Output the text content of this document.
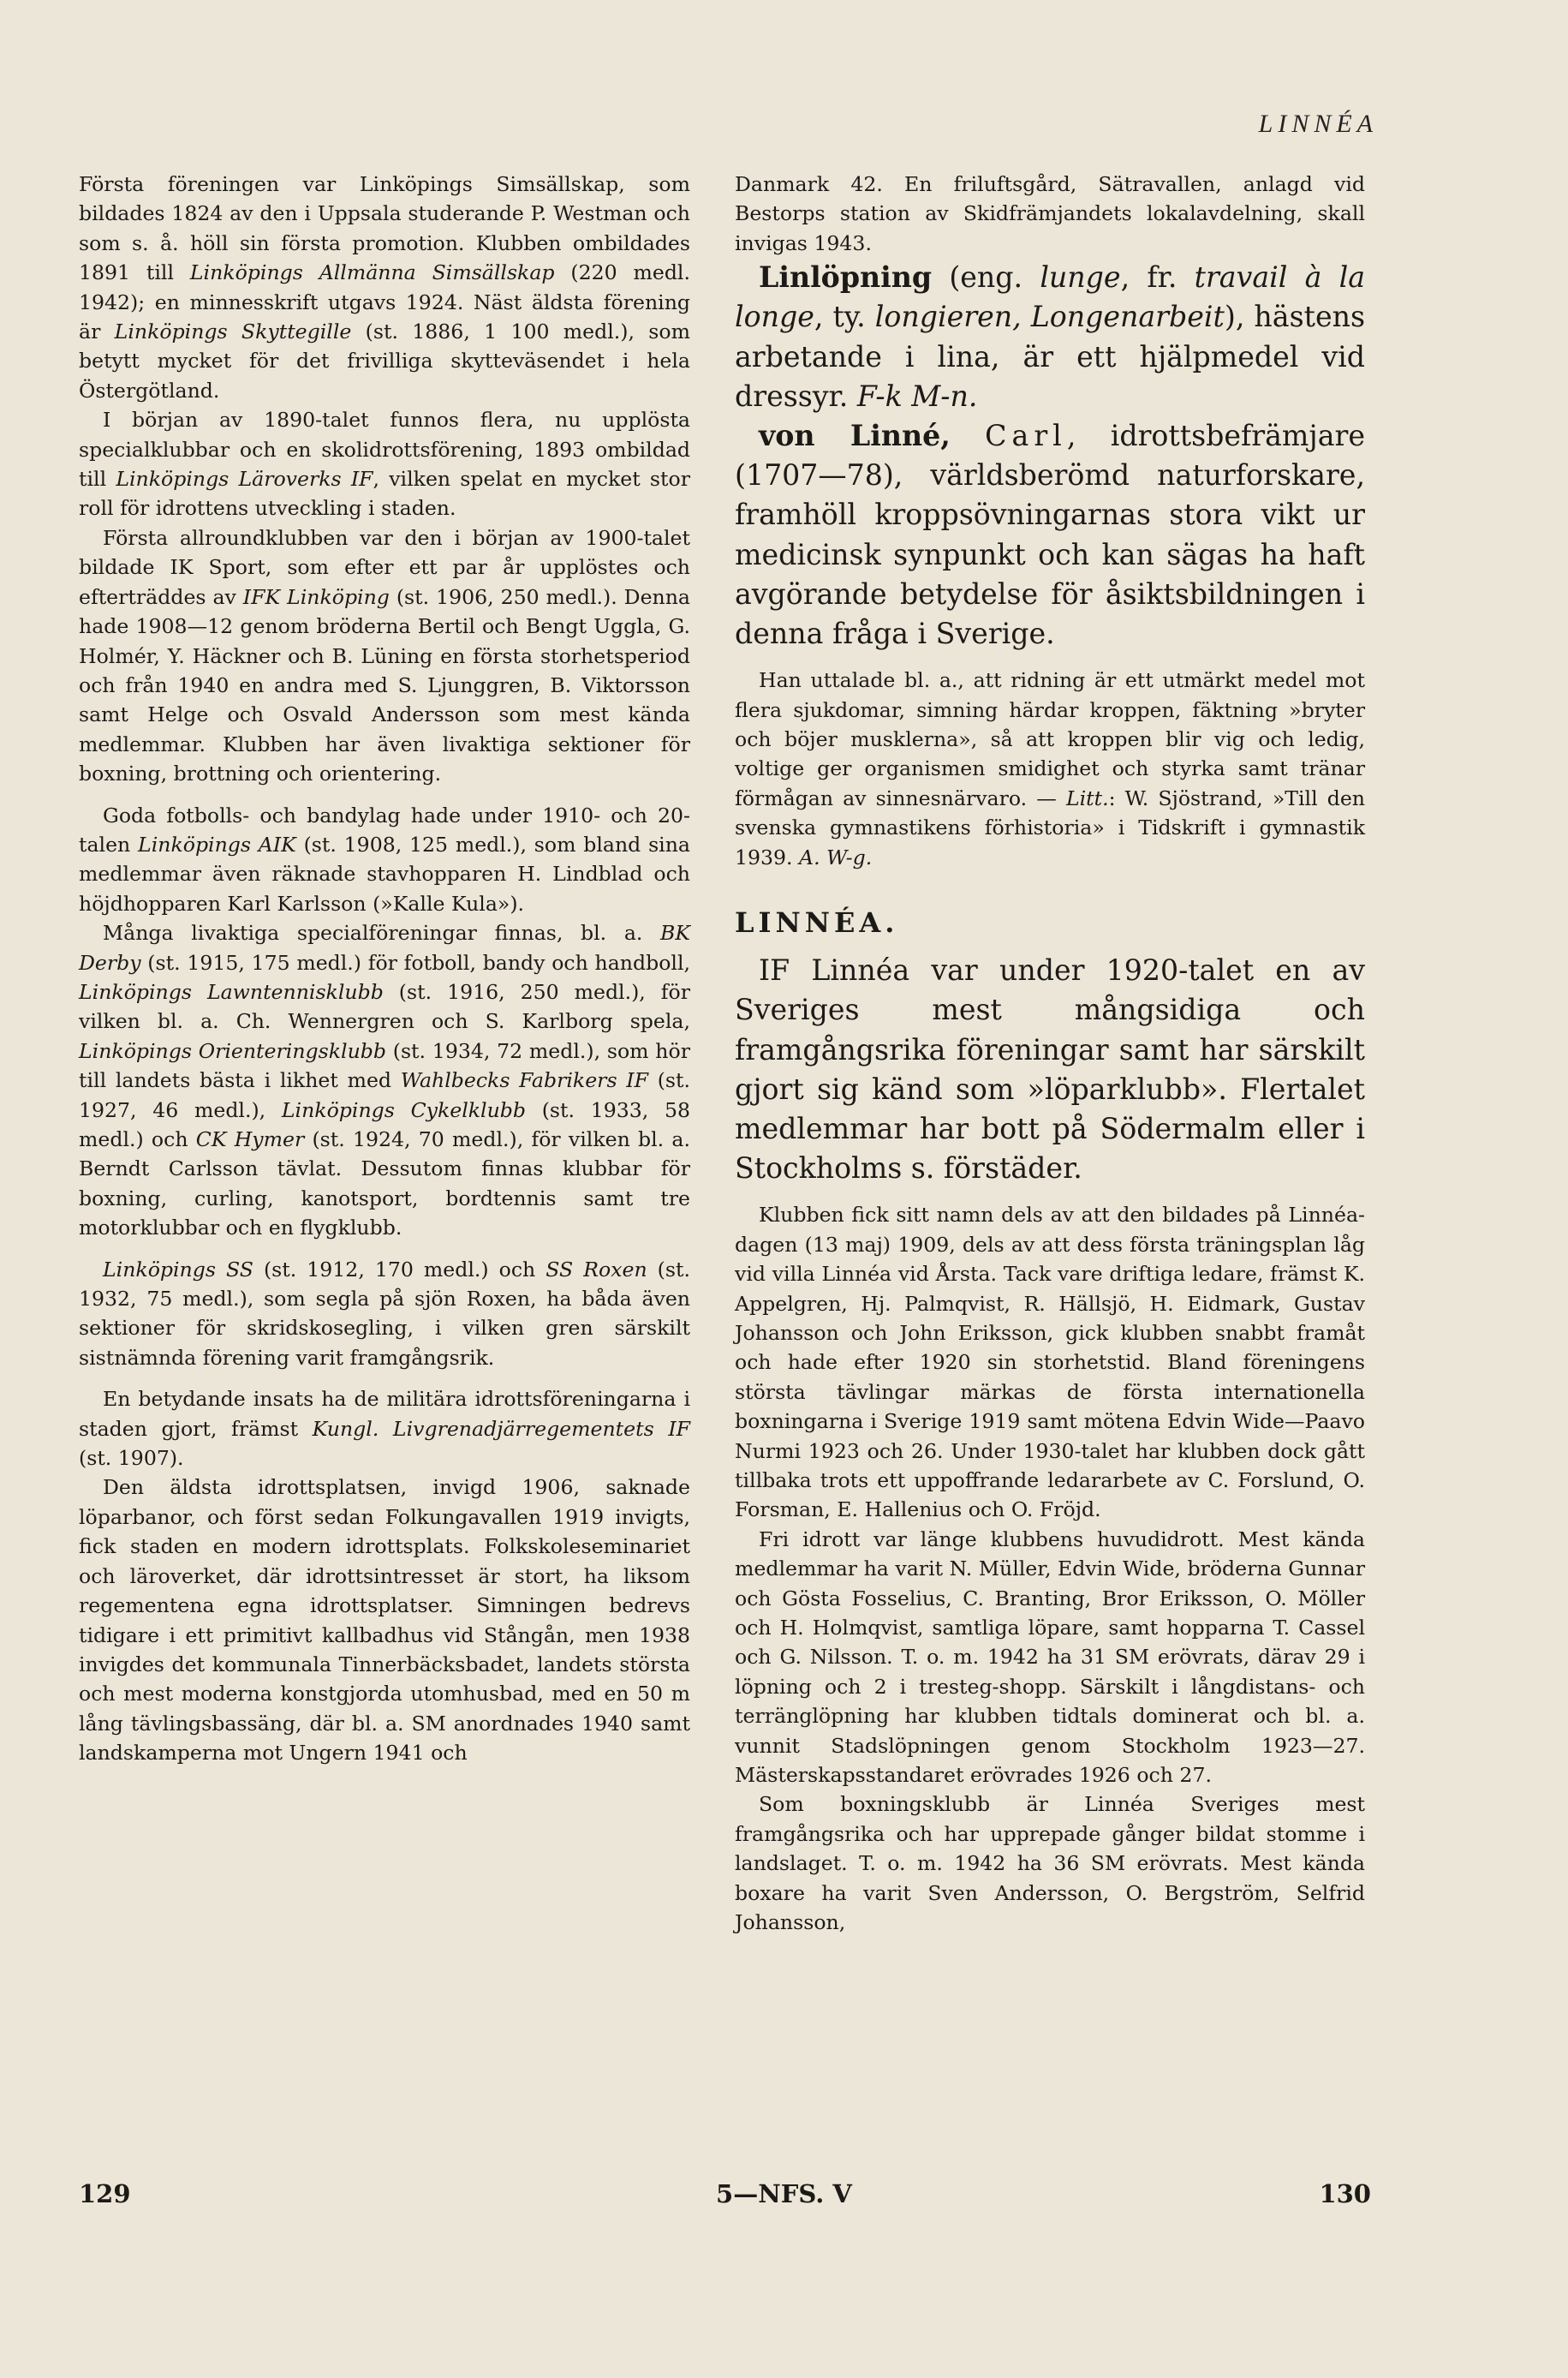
LINNÉA

Första föreningen var Linköpings Simsällskap, som bildades 1824 av den i Uppsala studerande P. Westman och som s. å. höll sin första promotion. Klubben ombildades 1891 till Linköpings Allmänna Simsällskap (220 medl. 1942); en minnesskrift utgavs 1924. Näst äldsta förening är Linköpings Skyttegille (st. 1886, 1 100 medl.), som betytt mycket för det frivilliga skytteväsendet i hela Östergötland.

I början av 1890-talet funnos flera, nu upplösta specialklubbar och en skolidrottsförening, 1893 ombildad till Linköpings Läroverks IF, vilken spelat en mycket stor roll för idrottens utveckling i staden.

Första allroundklubben var den i början av 1900-talet bildade IK Sport, som efter ett par år upplöstes och efterträddes av IFK Linköping (st. 1906, 250 medl.). Denna hade 1908—12 genom bröderna Bertil och Bengt Uggla, G. Holmér, Y. Häckner och B. Lüning en första storhetsperiod och från 1940 en andra med S. Ljunggren, B. Viktorsson samt Helge och Osvald Andersson som mest kända medlemmar. Klubben har även livaktiga sektioner för boxning, brottning och orientering.

Goda fotbolls- och bandylag hade under 1910- och 20-talen Linköpings AIK (st. 1908, 125 medl.), som bland sina medlemmar även räknade stavhopparen H. Lindblad och höjdhopparen Karl Karlsson (»Kalle Kula»).

Många livaktiga specialföreningar finnas, bl. a. BK Derby (st. 1915, 175 medl.) för fotboll, bandy och handboll, Linköpings Lawntennisklubb (st. 1916, 250 medl.), för vilken bl. a. Ch. Wennergren och S. Karlborg spela, Linköpings Orienteringsklubb (st. 1934, 72 medl.), som hör till landets bästa i likhet med Wahlbecks Fabrikers IF (st. 1927, 46 medl.), Linköpings Cykelklubb (st. 1933, 58 medl.) och CK Hymer (st. 1924, 70 medl.), för vilken bl. a. Berndt Carlsson tävlat. Dessutom finnas klubbar för boxning, curling, kanotsport, bordtennis samt tre motorklubbar och en flygklubb.

Linköpings SS (st. 1912, 170 medl.) och SS Roxen (st. 1932, 75 medl.), som segla på sjön Roxen, ha båda även sektioner för skridskosegling, i vilken gren särskilt sistnämnda förening varit framgångsrik.

En betydande insats ha de militära idrottsföreningarna i staden gjort, främst Kungl. Livgrenadjärregementets IF (st. 1907).

Den äldsta idrottsplatsen, invigd 1906, saknade löparbanor, och först sedan Folkungavallen 1919 invigts, fick staden en modern idrottsplats. Folkskoleseminariet och läroverket, där idrottsintresset är stort, ha liksom regementena egna idrottsplatser. Simningen bedrevs tidigare i ett primitivt kallbadhus vid Stångån, men 1938 invigdes det kommunala Tinnerbäcksbadet, landets största och mest moderna konstgjorda utomhusbad, med en 50 m lång tävlingsbassäng, där bl. a. SM anordnades 1940 samt landskamperna mot Ungern 1941 och

Danmark 42. En friluftsgård, Sätravallen, anlagd vid Bestorps station av Skidfrämjandets lokalavdelning, skall invigas 1943.

Linlöpning (eng. lunge, fr. travail à la longe, ty. longieren, Longenarbeit), hästens arbetande i lina, är ett hjälpmedel vid dressyr. F-k M-n.

von Linné, Carl, idrottsbefrämjare (1707—78), världsberömd naturforskare, framhöll kroppsövningarnas stora vikt ur medicinsk synpunkt och kan sägas ha haft avgörande betydelse för åsiktsbildningen i denna fråga i Sverige.

Han uttalade bl. a., att ridning är ett utmärkt medel mot flera sjukdomar, simning härdar kroppen, fäktning »bryter och böjer musklerna», så att kroppen blir vig och ledig, voltige ger organismen smidighet och styrka samt tränar förmågan av sinnesnärvaro. — Litt.: W. Sjöstrand, »Till den svenska gymnastikens förhistoria» i Tidskrift i gymnastik 1939. A. W-g.

LINNÉA.

IF Linnéa var under 1920-talet en av Sveriges mest mångsidiga och framgångsrika föreningar samt har särskilt gjort sig känd som »löparklubb». Flertalet medlemmar har bott på Södermalm eller i Stockholms s. förstäder.

Klubben fick sitt namn dels av att den bildades på Linnéa-dagen (13 maj) 1909, dels av att dess första träningsplan låg vid villa Linnéa vid Årsta. Tack vare driftiga ledare, främst K. Appelgren, Hj. Palmqvist, R. Hällsjö, H. Eidmark, Gustav Johansson och John Eriksson, gick klubben snabbt framåt och hade efter 1920 sin storhetstid. Bland föreningens största tävlingar märkas de första internationella boxningarna i Sverige 1919 samt mötena Edvin Wide—Paavo Nurmi 1923 och 26. Under 1930-talet har klubben dock gått tillbaka trots ett uppoffrande ledararbete av C. Forslund, O. Forsman, E. Hallenius och O. Fröjd.

Fri idrott var länge klubbens huvudidrott. Mest kända medlemmar ha varit N. Müller, Edvin Wide, bröderna Gunnar och Gösta Fosselius, C. Branting, Bror Eriksson, O. Möller och H. Holmqvist, samtliga löpare, samt hopparna T. Cassel och G. Nilsson. T. o. m. 1942 ha 31 SM erövrats, därav 29 i löpning och 2 i tresteg-shopp. Särskilt i långdistans- och terränglöpning har klubben tidtals dominerat och bl. a. vunnit Stadslöpningen genom Stockholm 1923—27. Mästerskapsstandaret erövrades 1926 och 27.

Som boxningsklubb är Linnéa Sveriges mest framgångsrika och har upprepade gånger bildat stomme i landslaget. T. o. m. 1942 ha 36 SM erövrats. Mest kända boxare ha varit Sven Andersson, O. Bergström, Selfrid Johansson,

129	5—NFS. V	130
